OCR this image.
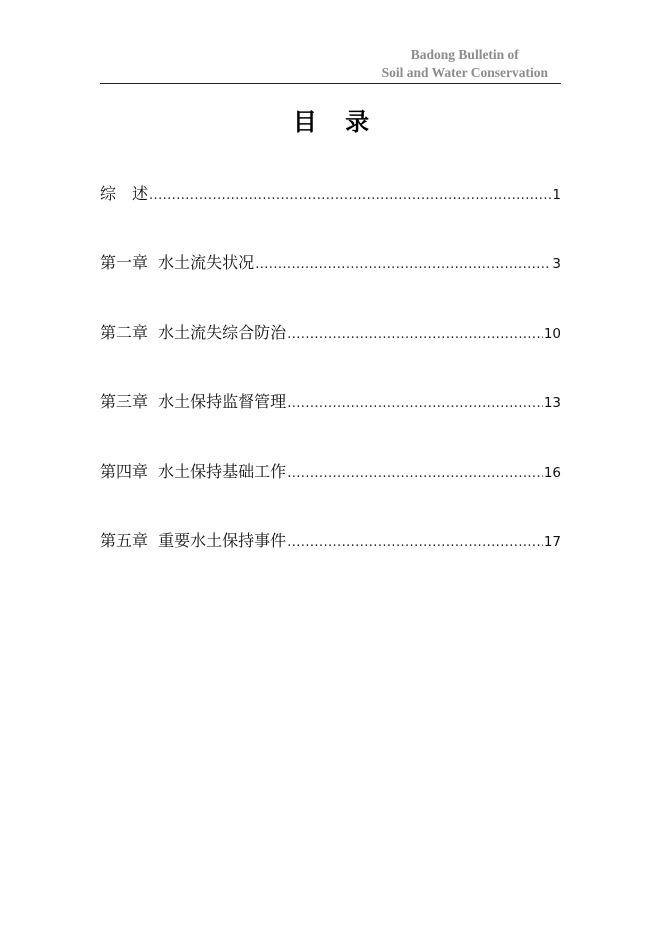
Badong Bulletin of
Soil and Water Conservation
目 录
综　述 .....	1
第一章  水土流失状况 .....	3
第二章  水土流失综合防治 .....	10
第三章  水土保持监督管理 .....	13
第四章  水土保持基础工作 .....	16
第五章  重要水土保持事件 .....	17
